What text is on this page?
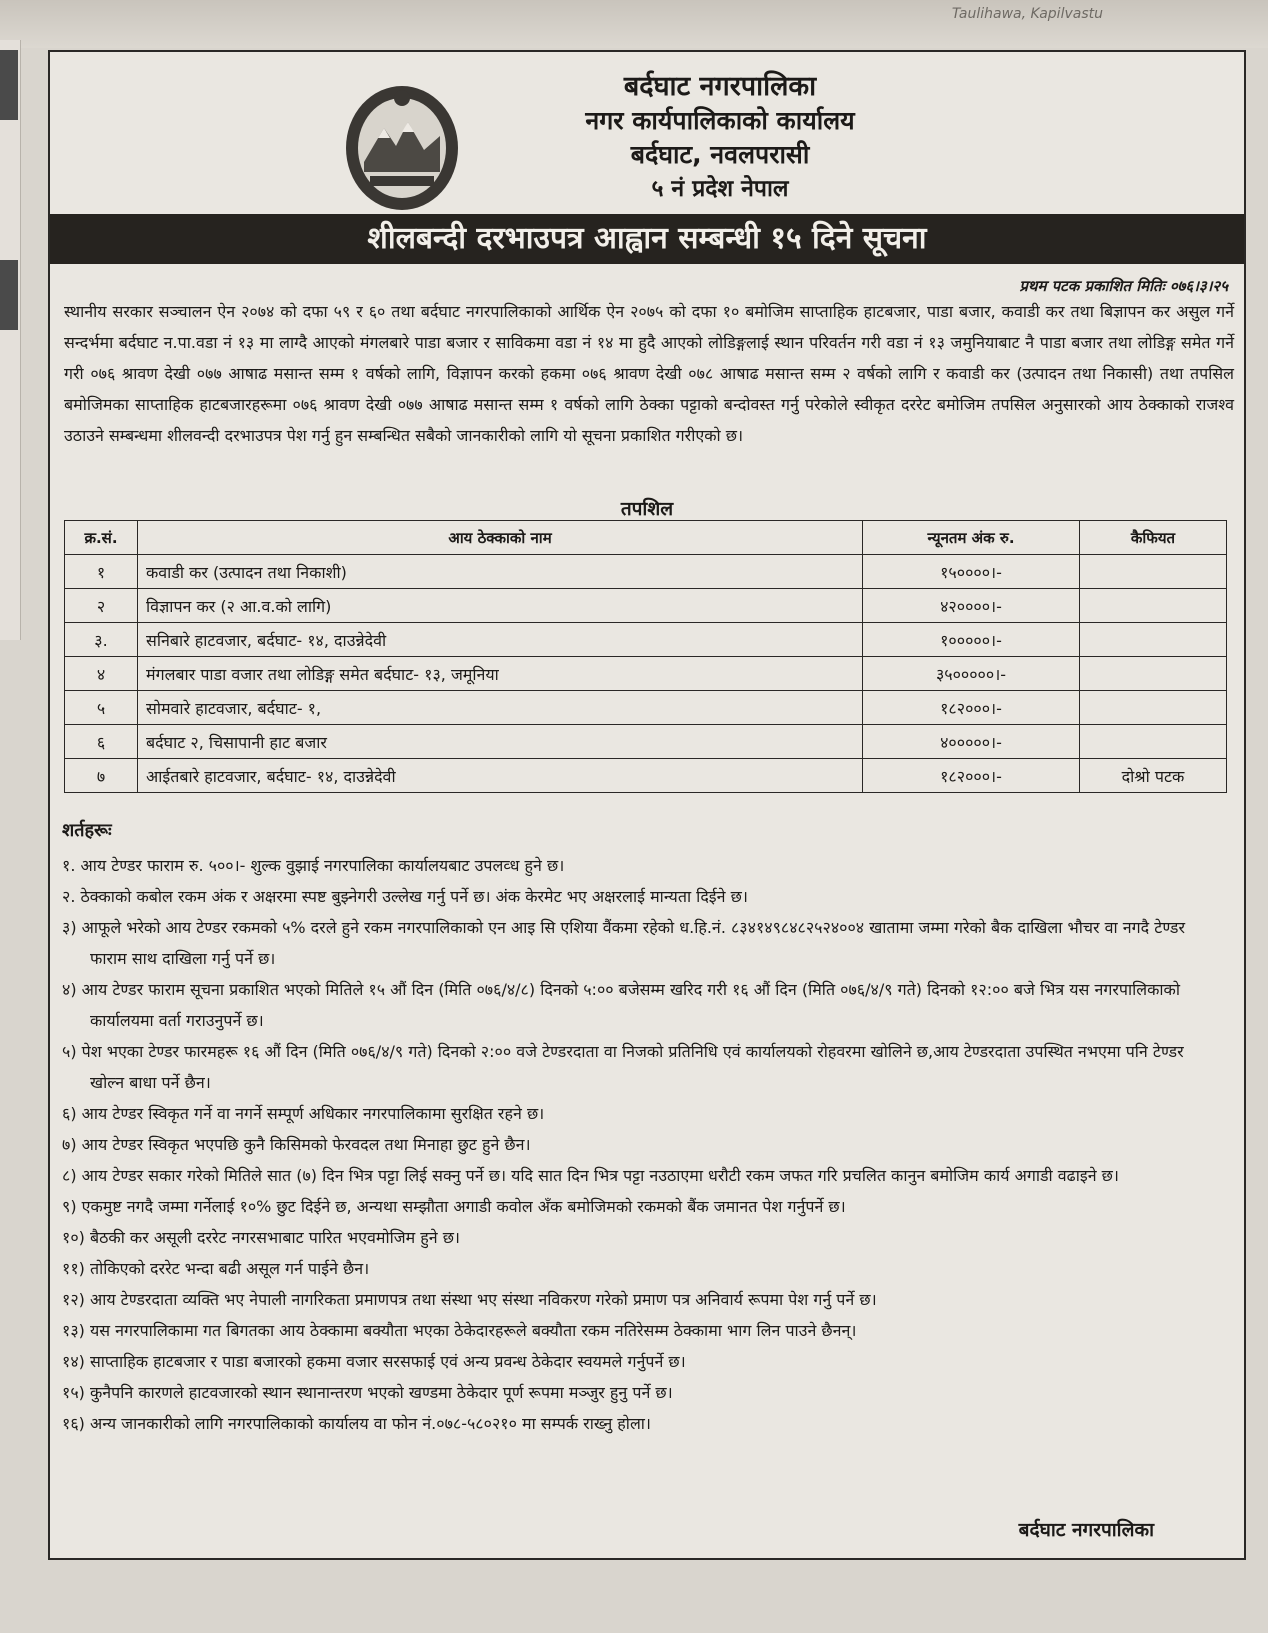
Taulihawa, Kapilvastu
बर्दघाट नगरपालिका
नगर कार्यपालिकाको कार्यालय
बर्दघाट, नवलपरासी
५ नं प्रदेश नेपाल
शीलबन्दी दरभाउपत्र आह्वान सम्बन्धी १५ दिने सूचना
प्रथम पटक प्रकाशित मितिः ०७६।३।२५
स्थानीय सरकार सञ्चालन ऐन २०७४ को दफा ५९ र ६० तथा बर्दघाट नगरपालिकाको आर्थिक ऐन २०७५ को दफा १० बमोजिम साप्ताहिक हाटबजार, पाडा बजार, कवाडी कर तथा बिज्ञापन कर असुल गर्ने सन्दर्भमा बर्दघाट न.पा.वडा नं १३ मा लाग्दै आएको मंगलबारे पाडा बजार र साविकमा वडा नं १४ मा हुदै आएको लोडिङ्गलाई स्थान परिवर्तन गरी वडा नं १३ जमुनियाबाट नै पाडा बजार तथा लोडिङ्ग समेत गर्ने गरी ०७६ श्रावण देखी ०७७ आषाढ मसान्त सम्म १ वर्षको लागि, विज्ञापन करको हकमा ०७६ श्रावण देखी ०७८ आषाढ मसान्त सम्म २ वर्षको लागि र कवाडी कर (उत्पादन तथा निकासी) तथा तपसिल बमोजिमका साप्ताहिक हाटबजारहरूमा ०७६ श्रावण देखी ०७७ आषाढ मसान्त सम्म १ वर्षको लागि ठेक्का पट्टाको बन्दोवस्त गर्नु परेकोले स्वीकृत दररेट बमोजिम तपसिल अनुसारको आय ठेक्काको राजश्व उठाउने सम्बन्धमा शीलवन्दी दरभाउपत्र पेश गर्नु हुन सम्बन्धित सबैको जानकारीको लागि यो सूचना प्रकाशित गरीएको छ।
तपशिल
क्र.सं.	आय ठेक्काको नाम	न्यूनतम अंक रु.	कैफियत
१	कवाडी कर (उत्पादन तथा निकाशी)	१५००००।-	
२	विज्ञापन कर (२ आ.व.को लागि)	४२००००।-	
३.	सनिबारे हाटवजार, बर्दघाट- १४, दाउन्नेदेवी	१०००००।-	
४	मंगलबार पाडा वजार तथा लोडिङ्ग समेत बर्दघाट- १३, जमूनिया	३५०००००।-	
५	सोमवारे हाटवजार, बर्दघाट- १,	१८२०००।-	
६	बर्दघाट २, चिसापानी हाट बजार	४०००००।-	
७	आईतबारे हाटवजार, बर्दघाट- १४, दाउन्नेदेवी	१८२०००।-	दोश्रो पटक
शर्तहरूः
१. आय टेण्डर फाराम रु. ५००।- शुल्क वुझाई नगरपालिका कार्यालयबाट उपलव्ध हुने छ।
२. ठेक्काको कबोल रकम अंक र अक्षरमा स्पष्ट बुझ्नेगरी उल्लेख गर्नु पर्ने छ। अंक केरमेट भए अक्षरलाई मान्यता दिईने छ।
३) आफूले भरेको आय टेण्डर रकमको ५% दरले हुने रकम नगरपालिकाको एन आइ सि एशिया वैंकमा रहेको ध.हि.नं. ८३४१४९८४८२५२४००४ खातामा जम्मा गरेको बैक दाखिला भौचर वा नगदै टेण्डर फाराम साथ दाखिला गर्नु पर्ने छ।
४) आय टेण्डर फाराम सूचना प्रकाशित भएको मितिले १५ औं दिन (मिति ०७६/४/८) दिनको ५:०० बजेसम्म खरिद गरी १६ औं दिन (मिति ०७६/४/९ गते) दिनको १२:०० बजे भित्र यस नगरपालिकाको कार्यालयमा वर्ता गराउनुपर्ने छ।
५) पेश भएका टेण्डर फारमहरू १६ औं दिन (मिति ०७६/४/९ गते) दिनको २:०० वजे टेण्डरदाता वा निजको प्रतिनिधि एवं कार्यालयको रोहवरमा खोलिने छ,आय टेण्डरदाता उपस्थित नभएमा पनि टेण्डर खोल्न बाधा पर्ने छैन।
६) आय टेण्डर स्विकृत गर्ने वा नगर्ने सम्पूर्ण अधिकार नगरपालिकामा सुरक्षित रहने छ।
७) आय टेण्डर स्विकृत भएपछि कुनै किसिमको फेरवदल तथा मिनाहा छुट हुने छैन।
८) आय टेण्डर सकार गरेको मितिले सात (७) दिन भित्र पट्टा लिई सक्नु पर्ने छ। यदि सात दिन भित्र पट्टा नउठाएमा धरौटी रकम जफत गरि प्रचलित कानुन बमोजिम कार्य अगाडी वढाइने छ।
९) एकमुष्ट नगदै जम्मा गर्नेलाई १०% छुट दिईने छ, अन्यथा सम्झौता अगाडी कवोल अँक बमोजिमको रकमको बैंक जमानत पेश गर्नुपर्ने छ।
१०) बैठकी कर असूली दररेट नगरसभाबाट पारित भएवमोजिम हुने छ।
११) तोकिएको दररेट भन्दा बढी असूल गर्न पाईने छैन।
१२) आय टेण्डरदाता व्यक्ति भए नेपाली नागरिकता प्रमाणपत्र तथा संस्था भए संस्था नविकरण गरेको प्रमाण पत्र अनिवार्य रूपमा पेश गर्नु पर्ने छ।
१३) यस नगरपालिकामा गत बिगतका आय ठेक्कामा बक्यौता भएका ठेकेदारहरूले बक्यौता रकम नतिरेसम्म ठेक्कामा भाग लिन पाउने छैनन्।
१४) साप्ताहिक हाटबजार र पाडा बजारको हकमा वजार सरसफाई एवं अन्य प्रवन्ध ठेकेदार स्वयमले गर्नुपर्ने छ।
१५) कुनैपनि कारणले हाटवजारको स्थान स्थानान्तरण भएको खण्डमा ठेकेदार पूर्ण रूपमा मञ्जुर हुनु पर्ने छ।
१६) अन्य जानकारीको लागि नगरपालिकाको कार्यालय वा फोन नं.०७८-५८०२१० मा सम्पर्क राख्नु होला।
बर्दघाट नगरपालिका
